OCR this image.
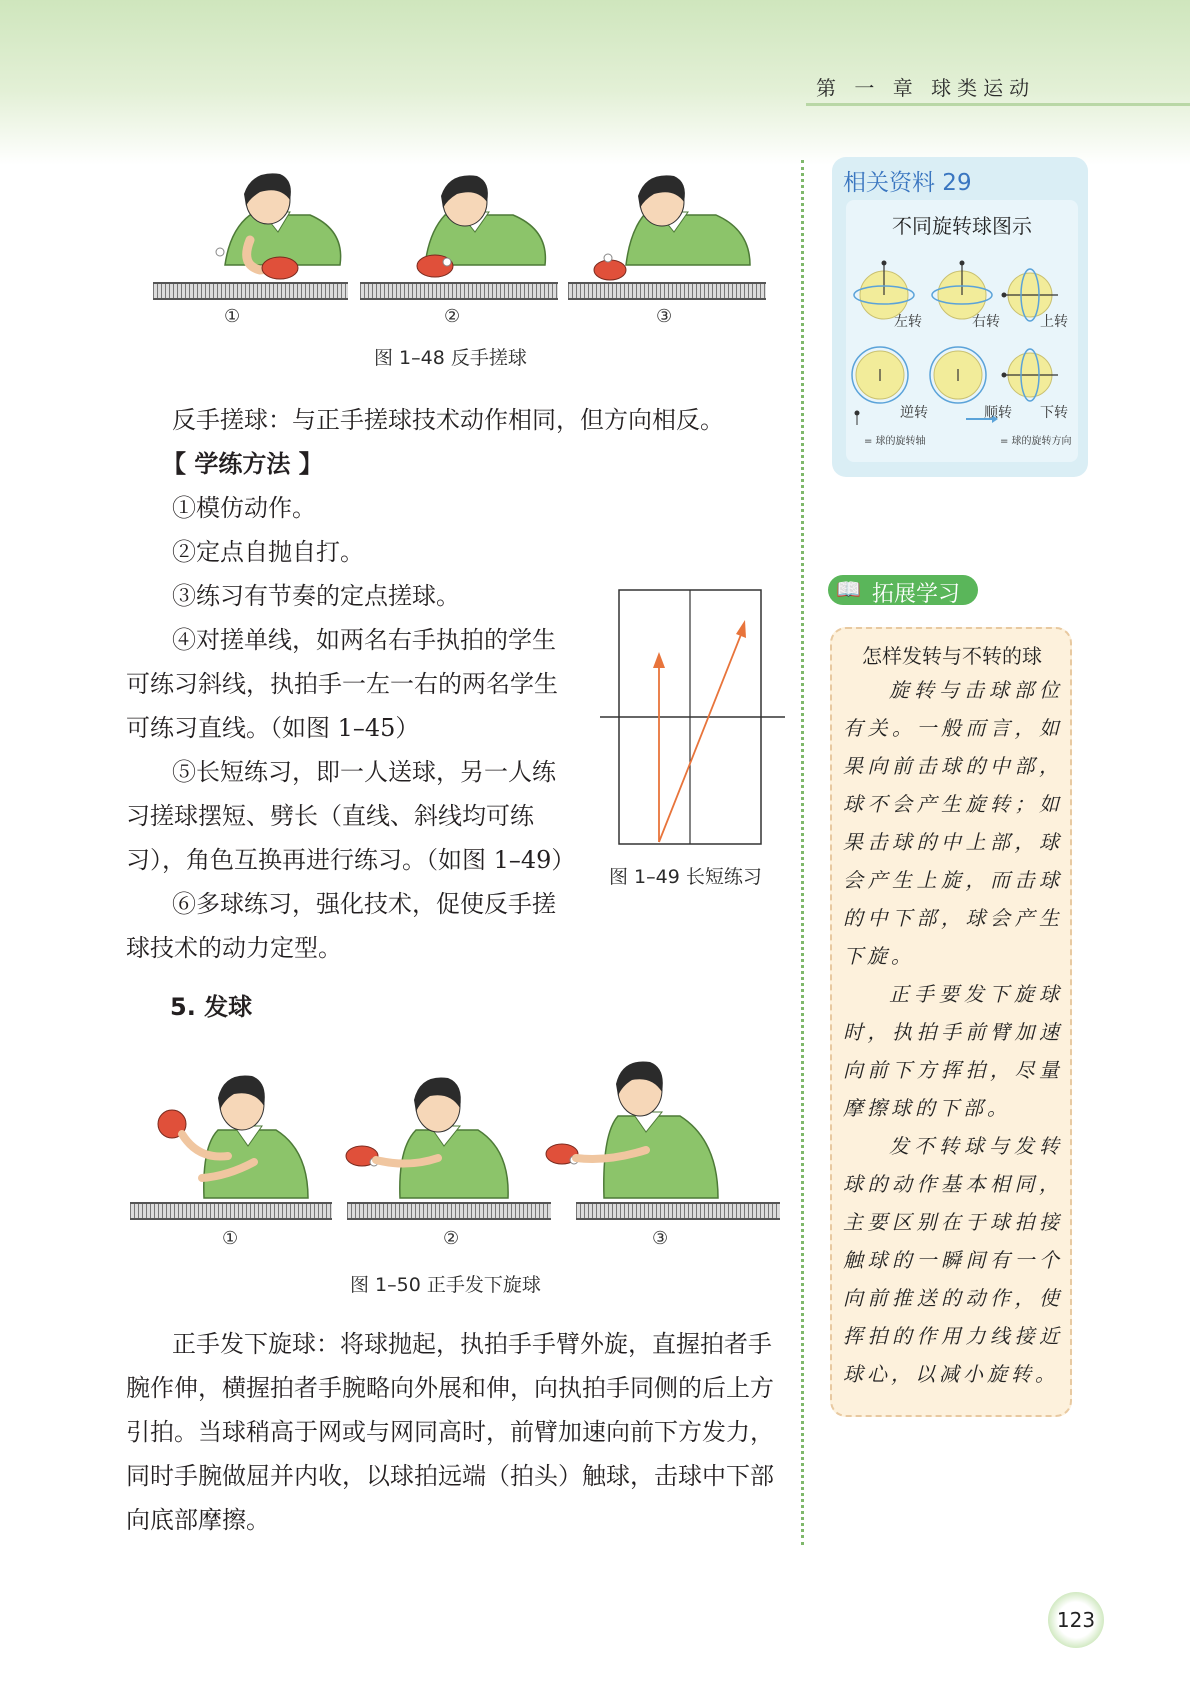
第 一 章 球类运动
①	②	③
图 1–48 反手搓球
反手搓球：与正手搓球技术动作相同，但方向相反。
【 学练方法 】
①模仿动作。
②定点自抛自打。
③练习有节奏的定点搓球。
④对搓单线，如两名右手执拍的学生可练习斜线，执拍手一左一右的两名学生可练习直线。（如图 1–45）
⑤长短练习，即一人送球，另一人练习搓球摆短、劈长（直线、斜线均可练习），角色互换再进行练习。（如图 1–49）
⑥多球练习，强化技术，促使反手搓球技术的动力定型。
图 1–49 长短练习
5. 发球
①	②	③
图 1–50 正手发下旋球
正手发下旋球：将球抛起，执拍手手臂外旋，直握拍者手腕作伸，横握拍者手腕略向外展和伸，向执拍手同侧的后上方引拍。当球稍高于网或与网同高时，前臂加速向前下方发力，同时手腕做屈并内收，以球拍远端（拍头）触球，击球中下部向底部摩擦。
相关资料 29
不同旋转球图示
左转	右转	上转
逆转	顺转 下转
= 球的旋转轴	= 球的旋转方向
📖 拓展学习
怎样发转与不转的球
旋转与击球部位有关。一般而言，如果向前击球的中部，球不会产生旋转；如果击球的中上部，球会产生上旋，而击球的中下部，球会产生下旋。
正手要发下旋球时，执拍手前臂加速向前下方挥拍，尽量摩擦球的下部。
发不转球与发转球的动作基本相同，主要区别在于球拍接触球的一瞬间有一个向前推送的动作，使挥拍的作用力线接近球心，以减小旋转。
123
